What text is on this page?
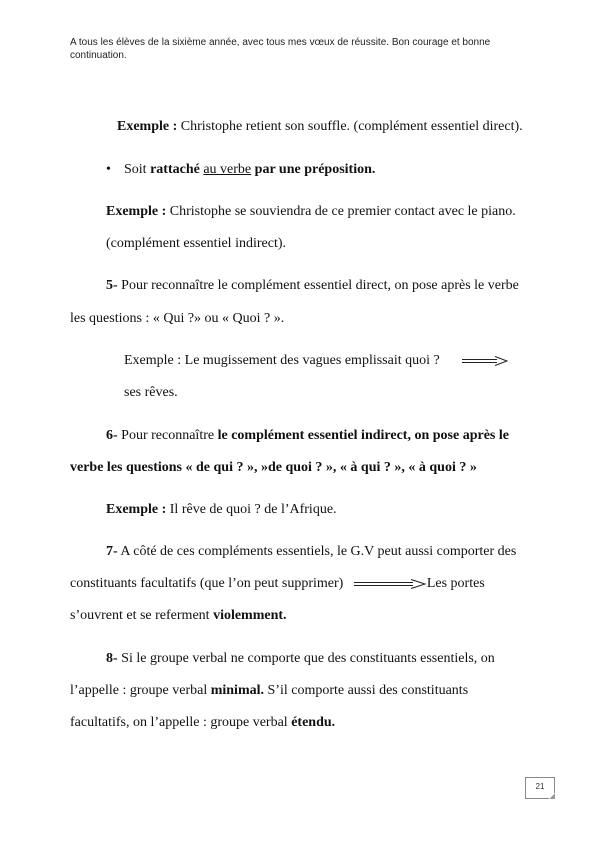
A tous les élèves de la sixième année, avec tous mes vœux de réussite. Bon courage et bonne continuation.
Exemple : Christophe retient son souffle. (complément essentiel direct).
• Soit rattaché au verbe par une préposition.
Exemple : Christophe se souviendra de ce premier contact avec le piano.
(complément essentiel indirect).
5- Pour reconnaître le complément essentiel direct, on pose après le verbe
les questions : « Qui ?» ou « Quoi ? ».
Exemple : Le mugissement des vagues emplissait quoi ?
ses rêves.
6- Pour reconnaître le complément essentiel indirect, on pose après le
verbe les questions « de qui ? », »de quoi ? », « à qui ? », « à quoi ? »
Exemple : Il rêve de quoi ? de l’Afrique.
7- A côté de ces compléments essentiels, le G.V peut aussi comporter des
constituants facultatifs (que l’on peut supprimer)	Les portes
s’ouvrent et se referment violemment.
8- Si le groupe verbal ne comporte que des constituants essentiels, on
l’appelle : groupe verbal minimal. S’il comporte aussi des constituants
facultatifs, on l’appelle : groupe verbal étendu.
21
